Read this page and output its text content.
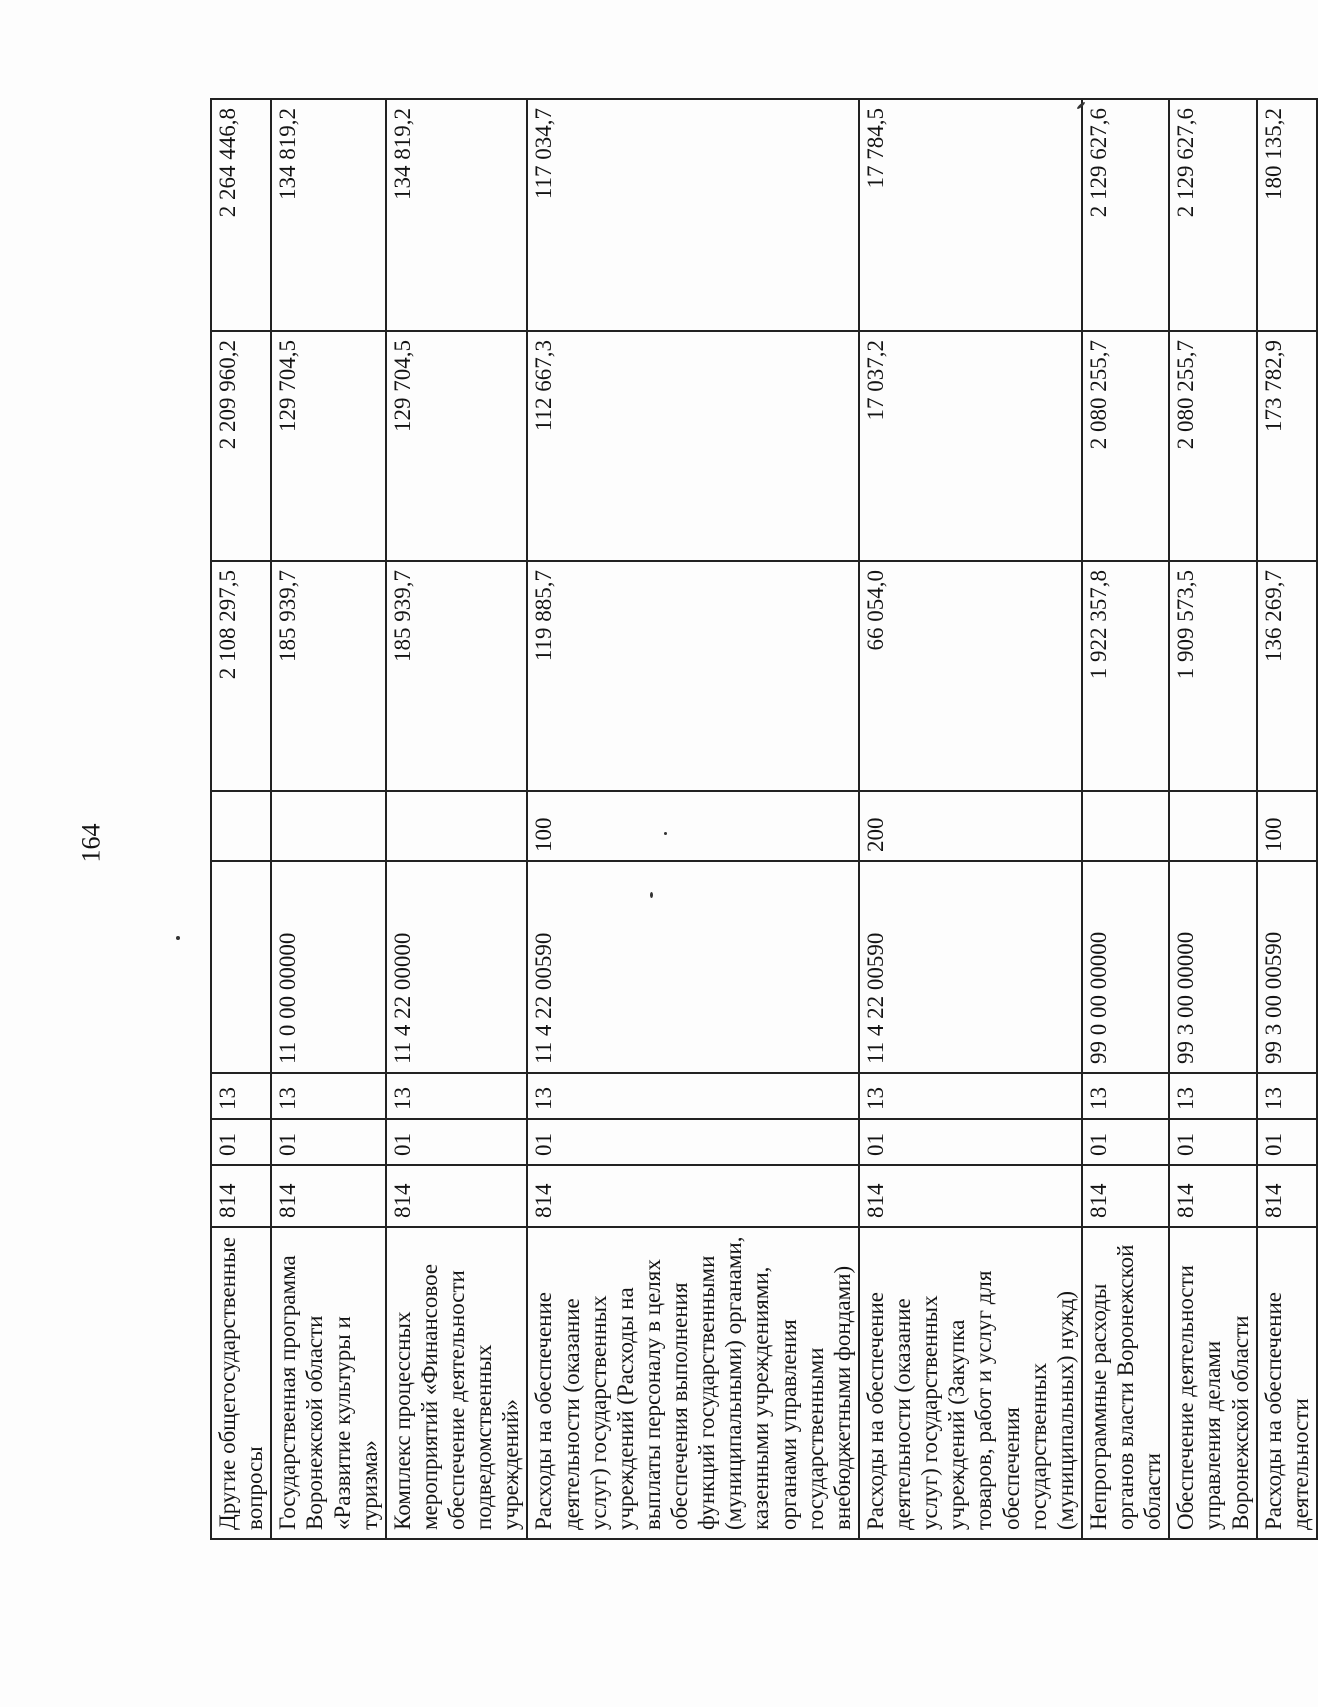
164
Другие общегосударственные вопросы	814	01	13			2 108 297,5	2 209 960,2	2 264 446,8
Государственная программа Воронежской области «Развитие культуры и туризма»	814	01	13	11 0 00 00000		185 939,7	129 704,5	134 819,2
Комплекс процессных мероприятий «Финансовое обеспечение деятельности подведомственных учреждений»	814	01	13	11 4 22 00000		185 939,7	129 704,5	134 819,2
Расходы на обеспечение деятельности (оказание услуг) государственных учреждений (Расходы на выплаты персоналу в целях обеспечения выполнения функций государственными (муниципальными) органами, казенными учреждениями, органами управления государственными внебюджетными фондами)	814	01	13	11 4 22 00590	100	119 885,7	112 667,3	117 034,7
Расходы на обеспечение деятельности (оказание услуг) государственных учреждений (Закупка товаров, работ и услуг для обеспечения государственных (муниципальных) нужд)	814	01	13	11 4 22 00590	200	66 054,0	17 037,2	17 784,5
Непрограммные расходы органов власти Воронежской области	814	01	13	99 0 00 00000		1 922 357,8	2 080 255,7	2 129 627,6
Обеспечение деятельности управления делами Воронежской области	814	01	13	99 3 00 00000		1 909 573,5	2 080 255,7	2 129 627,6
Расходы на обеспечение деятельности	814	01	13	99 3 00 00590	100	136 269,7	173 782,9	180 135,2
